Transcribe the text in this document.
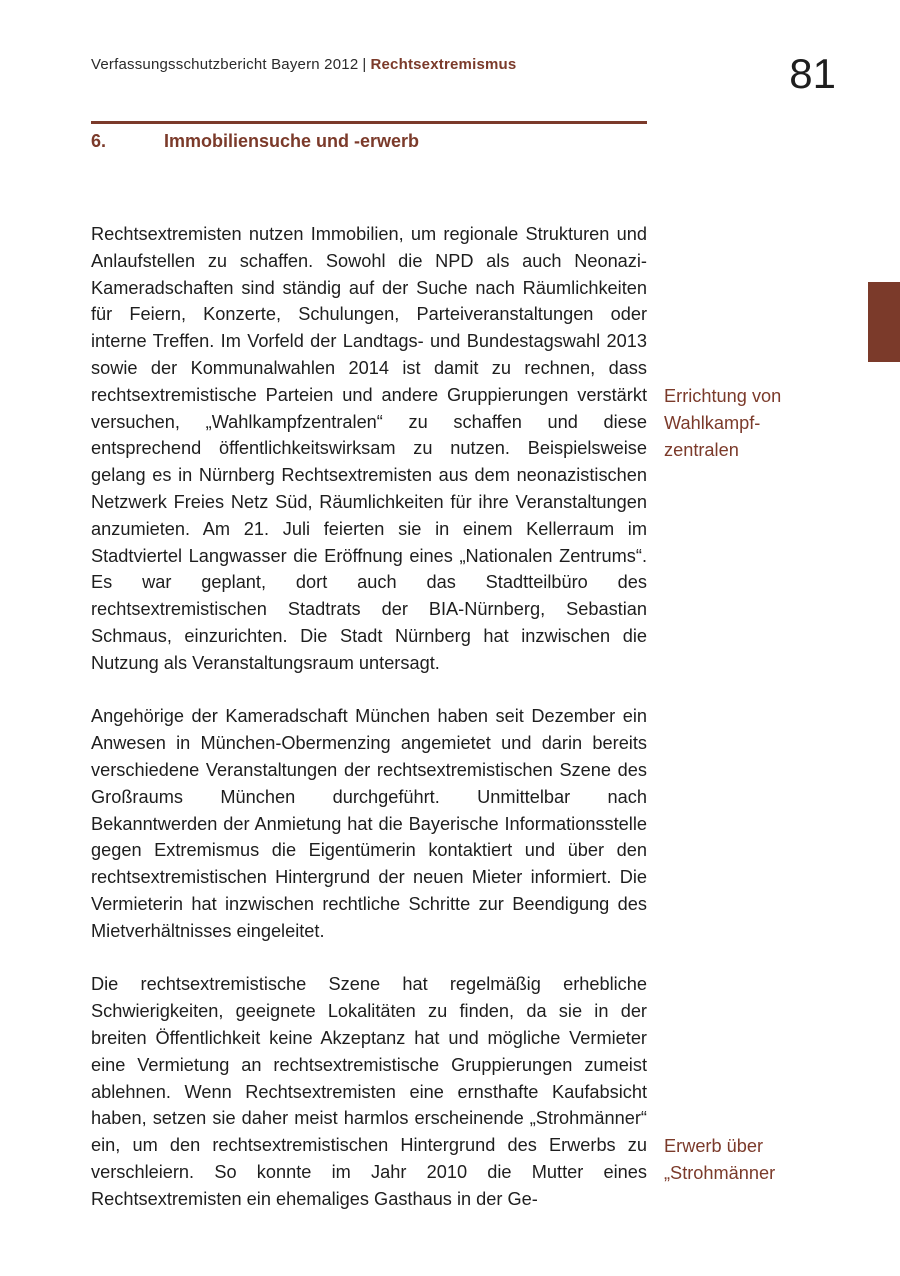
Verfassungsschutzbericht Bayern 2012 | Rechtsextremismus	81
6.	Immobiliensuche und -erwerb

Rechtsextremisten nutzen Immobilien, um regionale Strukturen und Anlaufstellen zu schaffen. Sowohl die NPD als auch Neonazi-Kameradschaften sind ständig auf der Suche nach Räumlichkeiten für Feiern, Konzerte, Schulungen, Parteiveranstaltungen oder interne Treffen. Im Vorfeld der Landtags- und Bundestagswahl 2013 sowie der Kommunalwahlen 2014 ist damit zu rechnen, dass rechtsextremistische Parteien und andere Gruppierungen verstärkt versuchen, „Wahlkampfzentralen“ zu schaffen und diese entsprechend öffentlichkeitswirksam zu nutzen. Beispielsweise gelang es in Nürnberg Rechtsextremisten aus dem neonazistischen Netzwerk Freies Netz Süd, Räumlichkeiten für ihre Veranstaltungen anzumieten. Am 21. Juli feierten sie in einem Kellerraum im Stadtviertel Langwasser die Eröffnung eines „Nationalen Zentrums“. Es war geplant, dort auch das Stadtteilbüro des rechtsextremistischen Stadtrats der BIA-Nürnberg, Sebastian Schmaus, einzurichten. Die Stadt Nürnberg hat inzwischen die Nutzung als Veranstaltungsraum untersagt.

Angehörige der Kameradschaft München haben seit Dezember ein Anwesen in München-Obermenzing angemietet und darin bereits verschiedene Veranstaltungen der rechtsextremistischen Szene des Großraums München durchgeführt. Unmittelbar nach Bekanntwerden der Anmietung hat die Bayerische Informationsstelle gegen Extremismus die Eigentümerin kontaktiert und über den rechtsextremistischen Hintergrund der neuen Mieter informiert. Die Vermieterin hat inzwischen rechtliche Schritte zur Beendigung des Mietverhältnisses eingeleitet.

Die rechtsextremistische Szene hat regelmäßig erhebliche Schwierigkeiten, geeignete Lokalitäten zu finden, da sie in der breiten Öffentlichkeit keine Akzeptanz hat und mögliche Vermieter eine Vermietung an rechtsextremistische Gruppierungen zumeist ablehnen. Wenn Rechtsextremisten eine ernsthafte Kaufabsicht haben, setzen sie daher meist harmlos erscheinende „Strohmänner“ ein, um den rechtsextremistischen Hintergrund des Erwerbs zu verschleiern. So konnte im Jahr 2010 die Mutter eines Rechtsextremisten ein ehemaliges Gasthaus in der Ge-

Errichtung von
Wahlkampf-
zentralen
Erwerb über
„Strohmänner
